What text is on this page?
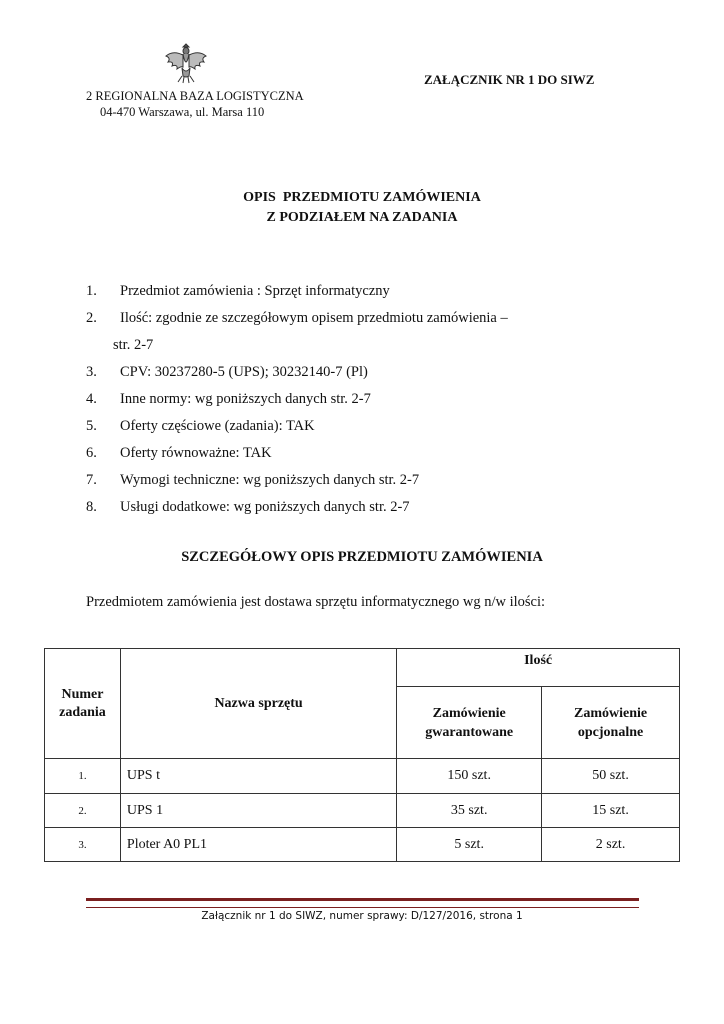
2 REGIONALNA BAZA LOGISTYCZNA
04-470 Warszawa, ul. Marsa 110
ZAŁĄCZNIK NR 1 DO SIWZ
OPIS  PRZEDMIOTU ZAMÓWIENIA
Z PODZIAŁEM NA ZADANIA
1. Przedmiot zamówienia : Sprzęt informatyczny
2. Ilość: zgodnie ze szczegółowym opisem przedmiotu zamówienia –
str. 2-7
3. CPV: 30237280-5 (UPS); 30232140-7 (Pl)
4. Inne normy: wg poniższych danych str. 2-7
5. Oferty częściowe (zadania): TAK
6. Oferty równoważne: TAK
7. Wymogi techniczne: wg poniższych danych str. 2-7
8. Usługi dodatkowe: wg poniższych danych str. 2-7
SZCZEGÓŁOWY OPIS PRZEDMIOTU ZAMÓWIENIA
Przedmiotem zamówienia jest dostawa sprzętu informatycznego wg n/w ilości:
Numer zadania	Nazwa sprzętu	Ilość	
		Zamówienie gwarantowane	Zamówienie opcjonalne
1.	UPS t	150 szt.	50 szt.
2.	UPS 1	35 szt.	15 szt.
3.	Ploter A0 PL1	5 szt.	2 szt.
Załącznik nr 1 do SIWZ, numer sprawy: D/127/2016, strona 1
